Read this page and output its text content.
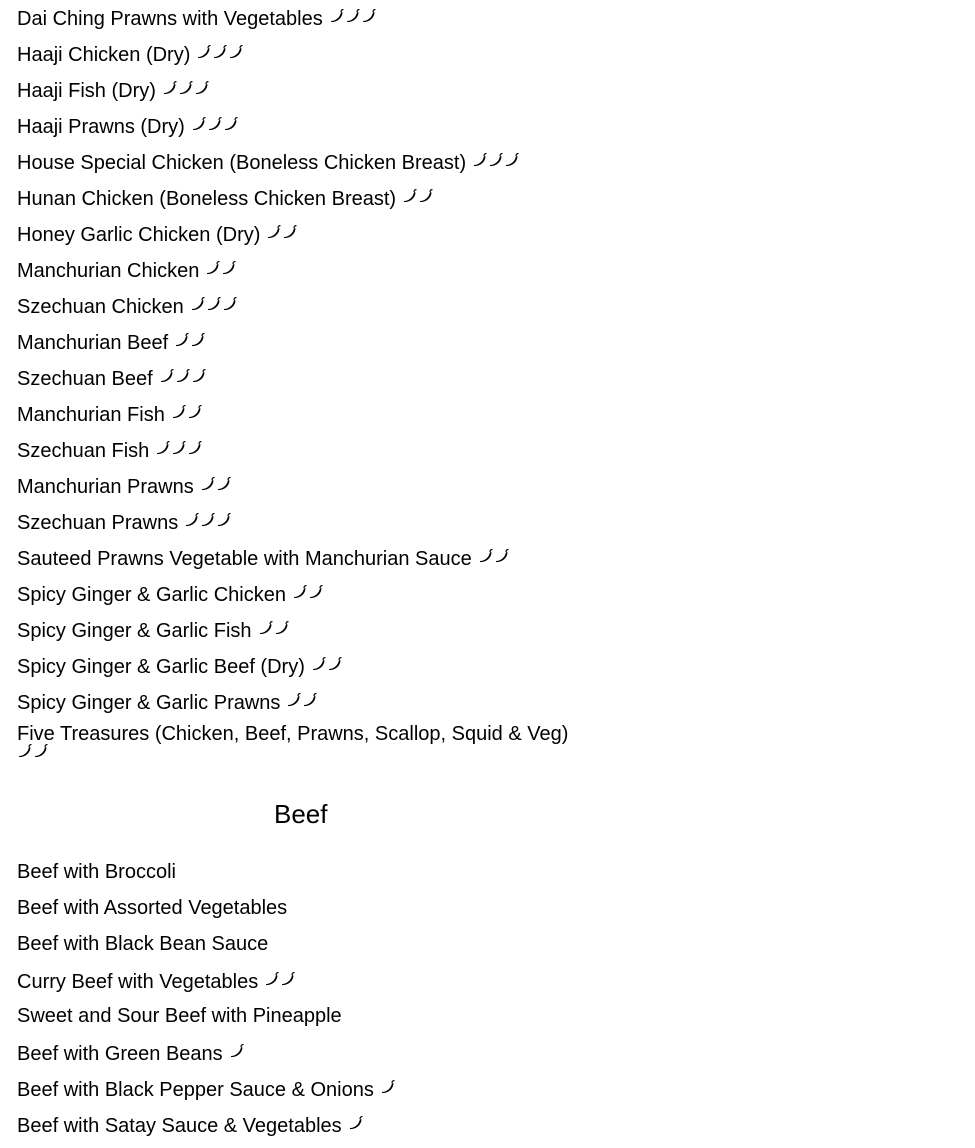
Dai Ching Prawns with Vegetables
Haaji Chicken (Dry)
Haaji Fish (Dry)
Haaji Prawns (Dry)
House Special Chicken (Boneless Chicken Breast)
Hunan Chicken (Boneless Chicken Breast)
Honey Garlic Chicken (Dry)
Manchurian Chicken
Szechuan Chicken
Manchurian Beef
Szechuan Beef
Manchurian Fish
Szechuan Fish
Manchurian Prawns
Szechuan Prawns
Sauteed Prawns Vegetable with Manchurian Sauce
Spicy Ginger & Garlic Chicken
Spicy Ginger & Garlic Fish
Spicy Ginger & Garlic Beef (Dry)
Spicy Ginger & Garlic Prawns
Five Treasures (Chicken, Beef, Prawns, Scallop, Squid & Veg)
Beef
Beef with Broccoli
Beef with Assorted Vegetables
Beef with Black Bean Sauce
Curry Beef with Vegetables
Sweet and Sour Beef with Pineapple
Beef with Green Beans
Beef with Black Pepper Sauce & Onions
Beef with Satay Sauce & Vegetables
